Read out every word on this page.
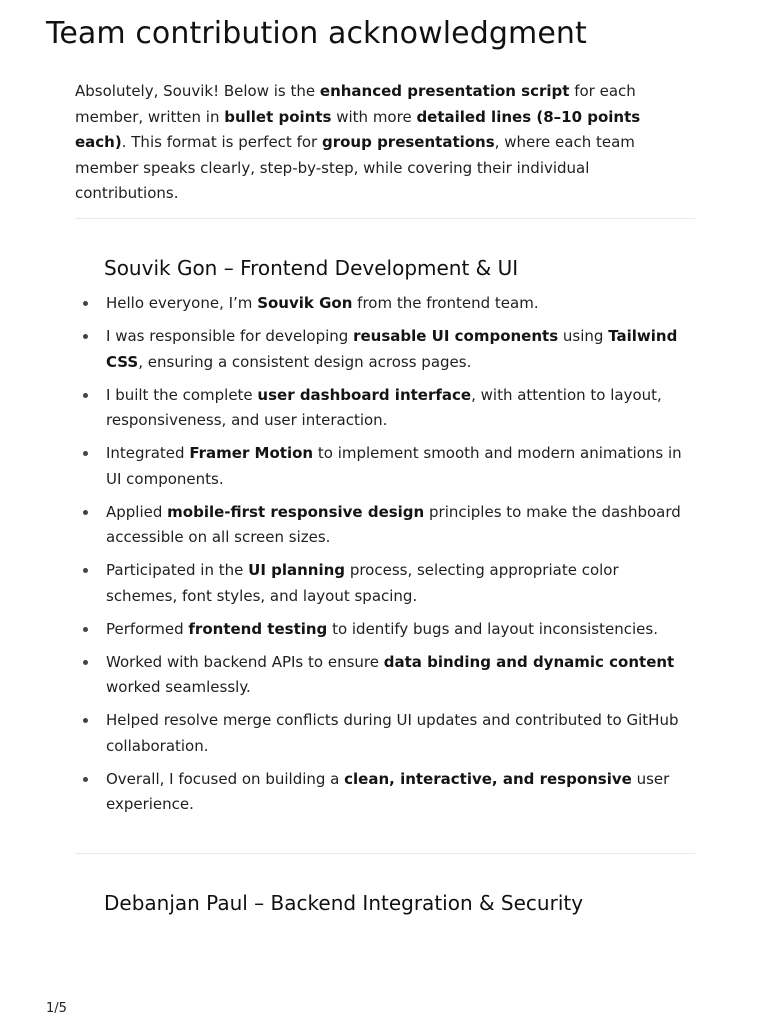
Team contribution acknowledgment

Absolutely, Souvik! Below is the enhanced presentation script for each member, written in bullet points with more detailed lines (8–10 points each). This format is perfect for group presentations, where each team member speaks clearly, step-by-step, while covering their individual contributions.

Souvik Gon – Frontend Development & UI
Hello everyone, I’m Souvik Gon from the frontend team.
I was responsible for developing reusable UI components using Tailwind CSS, ensuring a consistent design across pages.
I built the complete user dashboard interface, with attention to layout, responsiveness, and user interaction.
Integrated Framer Motion to implement smooth and modern animations in UI components.
Applied mobile-first responsive design principles to make the dashboard accessible on all screen sizes.
Participated in the UI planning process, selecting appropriate color schemes, font styles, and layout spacing.
Performed frontend testing to identify bugs and layout inconsistencies.
Worked with backend APIs to ensure data binding and dynamic content worked seamlessly.
Helped resolve merge conflicts during UI updates and contributed to GitHub collaboration.
Overall, I focused on building a clean, interactive, and responsive user experience.
Debanjan Paul – Backend Integration & Security
1/5
